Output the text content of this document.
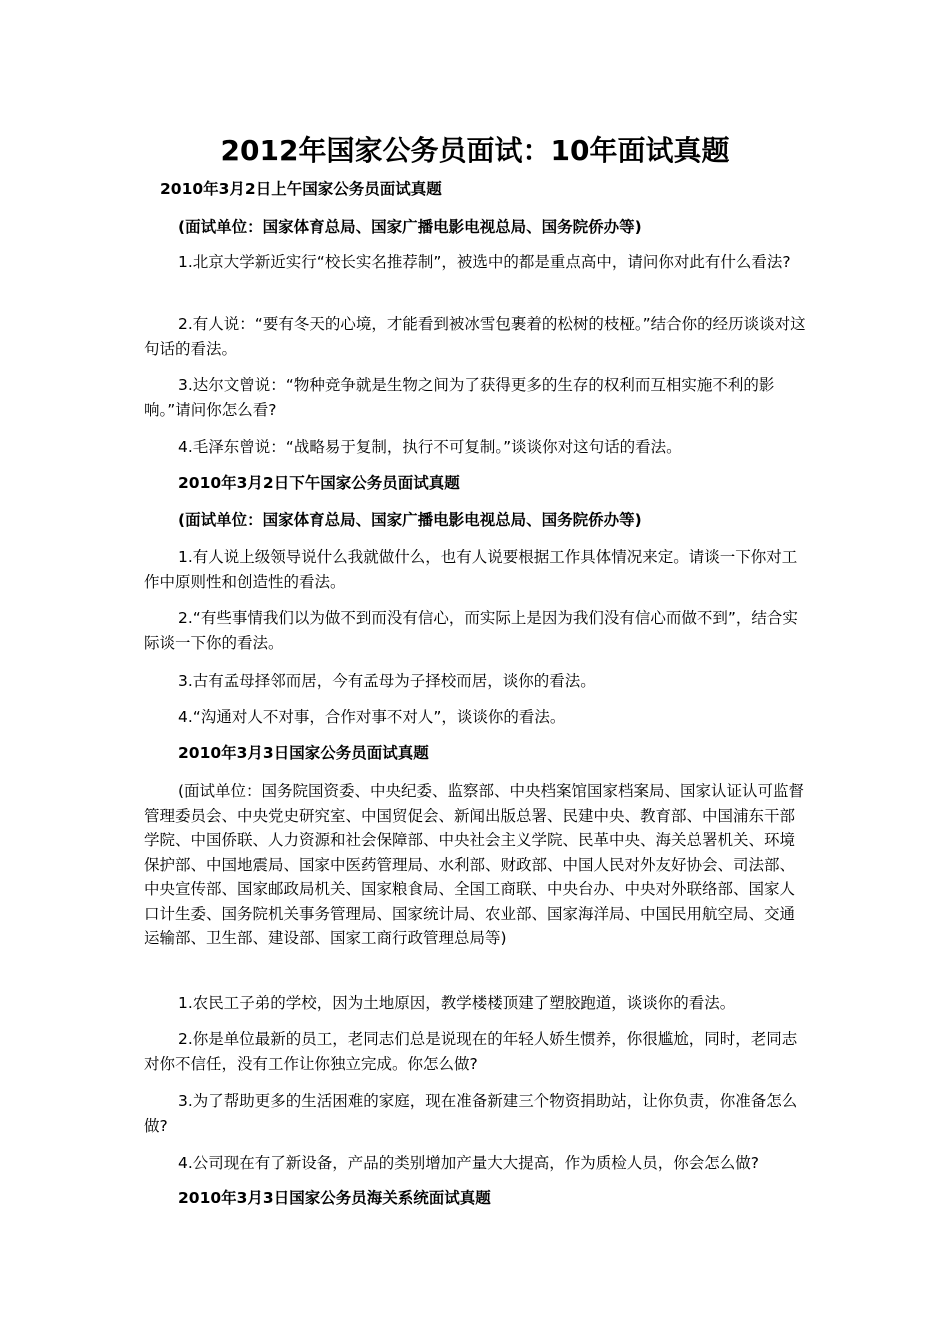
2012年国家公务员面试：10年面试真题
2010年3月2日上午国家公务员面试真题
(面试单位：国家体育总局、国家广播电影电视总局、国务院侨办等)
1.北京大学新近实行“校长实名推荐制”，被选中的都是重点高中，请问你对此有什么看法?
2.有人说：“要有冬天的心境，才能看到被冰雪包裹着的松树的枝桠。”结合你的经历谈谈对这句话的看法。
3.达尔文曾说：“物种竞争就是生物之间为了获得更多的生存的权利而互相实施不利的影响。”请问你怎么看?
4.毛泽东曾说：“战略易于复制，执行不可复制。”谈谈你对这句话的看法。
2010年3月2日下午国家公务员面试真题
(面试单位：国家体育总局、国家广播电影电视总局、国务院侨办等)
1.有人说上级领导说什么我就做什么，也有人说要根据工作具体情况来定。请谈一下你对工作中原则性和创造性的看法。
2.“有些事情我们以为做不到而没有信心，而实际上是因为我们没有信心而做不到”，结合实际谈一下你的看法。
3.古有孟母择邻而居，今有孟母为子择校而居，谈你的看法。
4.“沟通对人不对事，合作对事不对人”，谈谈你的看法。
2010年3月3日国家公务员面试真题
(面试单位：国务院国资委、中央纪委、监察部、中央档案馆国家档案局、国家认证认可监督管理委员会、中央党史研究室、中国贸促会、新闻出版总署、民建中央、教育部、中国浦东干部学院、中国侨联、人力资源和社会保障部、中央社会主义学院、民革中央、海关总署机关、环境保护部、中国地震局、国家中医药管理局、水利部、财政部、中国人民对外友好协会、司法部、中央宣传部、国家邮政局机关、国家粮食局、全国工商联、中央台办、中央对外联络部、国家人口计生委、国务院机关事务管理局、国家统计局、农业部、国家海洋局、中国民用航空局、交通运输部、卫生部、建设部、国家工商行政管理总局等)
1.农民工子弟的学校，因为土地原因，教学楼楼顶建了塑胶跑道，谈谈你的看法。
2.你是单位最新的员工，老同志们总是说现在的年轻人娇生惯养，你很尴尬，同时，老同志对你不信任，没有工作让你独立完成。你怎么做?
3.为了帮助更多的生活困难的家庭，现在准备新建三个物资捐助站，让你负责，你准备怎么做?
4.公司现在有了新设备，产品的类别增加产量大大提高，作为质检人员，你会怎么做?
2010年3月3日国家公务员海关系统面试真题
